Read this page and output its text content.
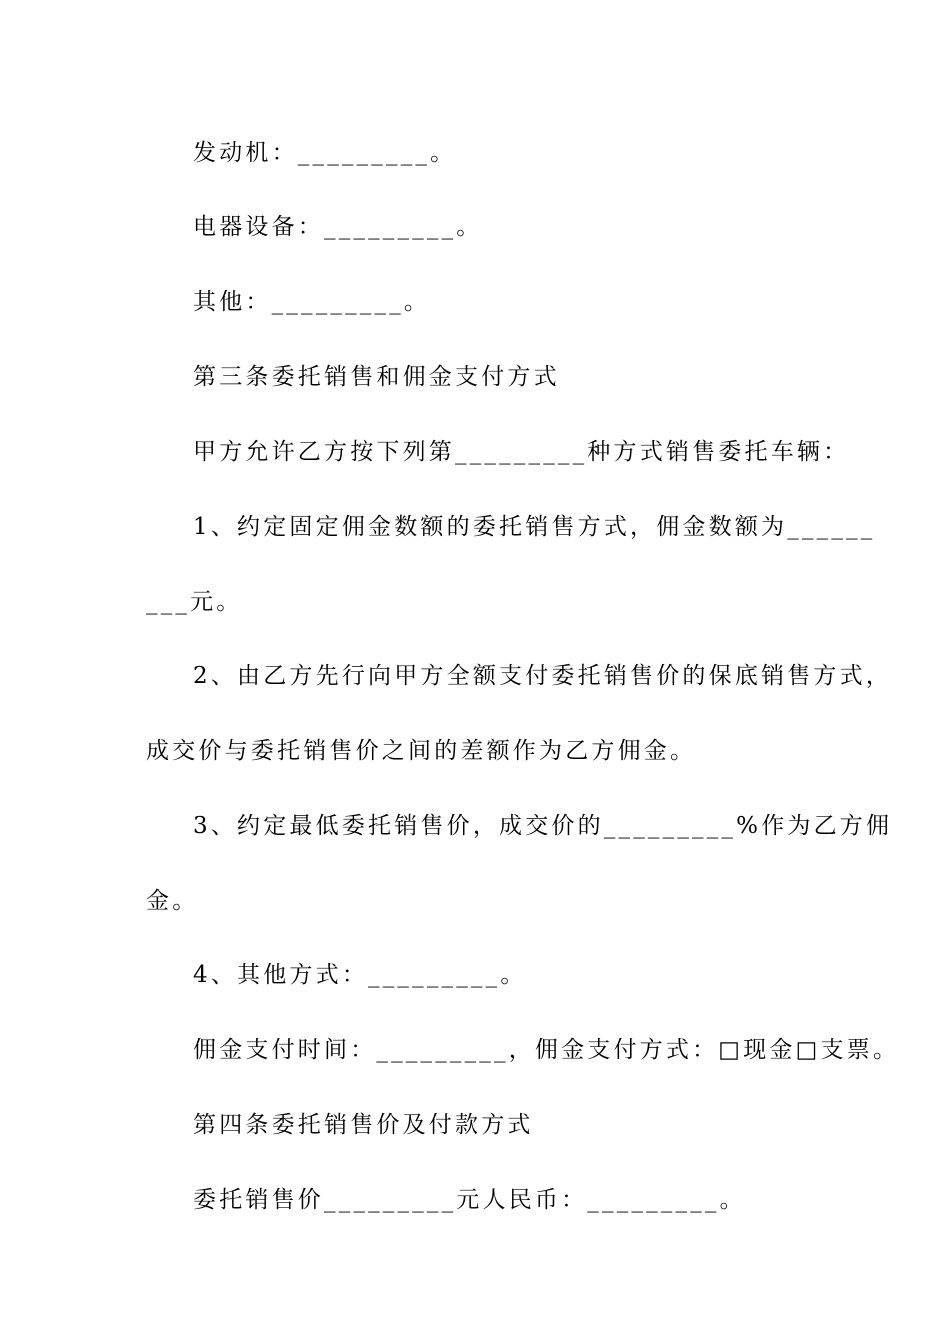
发动机：_________。
电器设备：_________。
其他：_________。
第三条委托销售和佣金支付方式
甲方允许乙方按下列第_________种方式销售委托车辆：
1、约定固定佣金数额的委托销售方式，佣金数额为______
___元。
2、由乙方先行向甲方全额支付委托销售价的保底销售方式，
成交价与委托销售价之间的差额作为乙方佣金。
3、约定最低委托销售价，成交价的_________%作为乙方佣
金。
4、其他方式：_________。
佣金支付时间：_________，佣金支付方式：□现金□支票。
第四条委托销售价及付款方式
委托销售价_________元人民币：_________。
